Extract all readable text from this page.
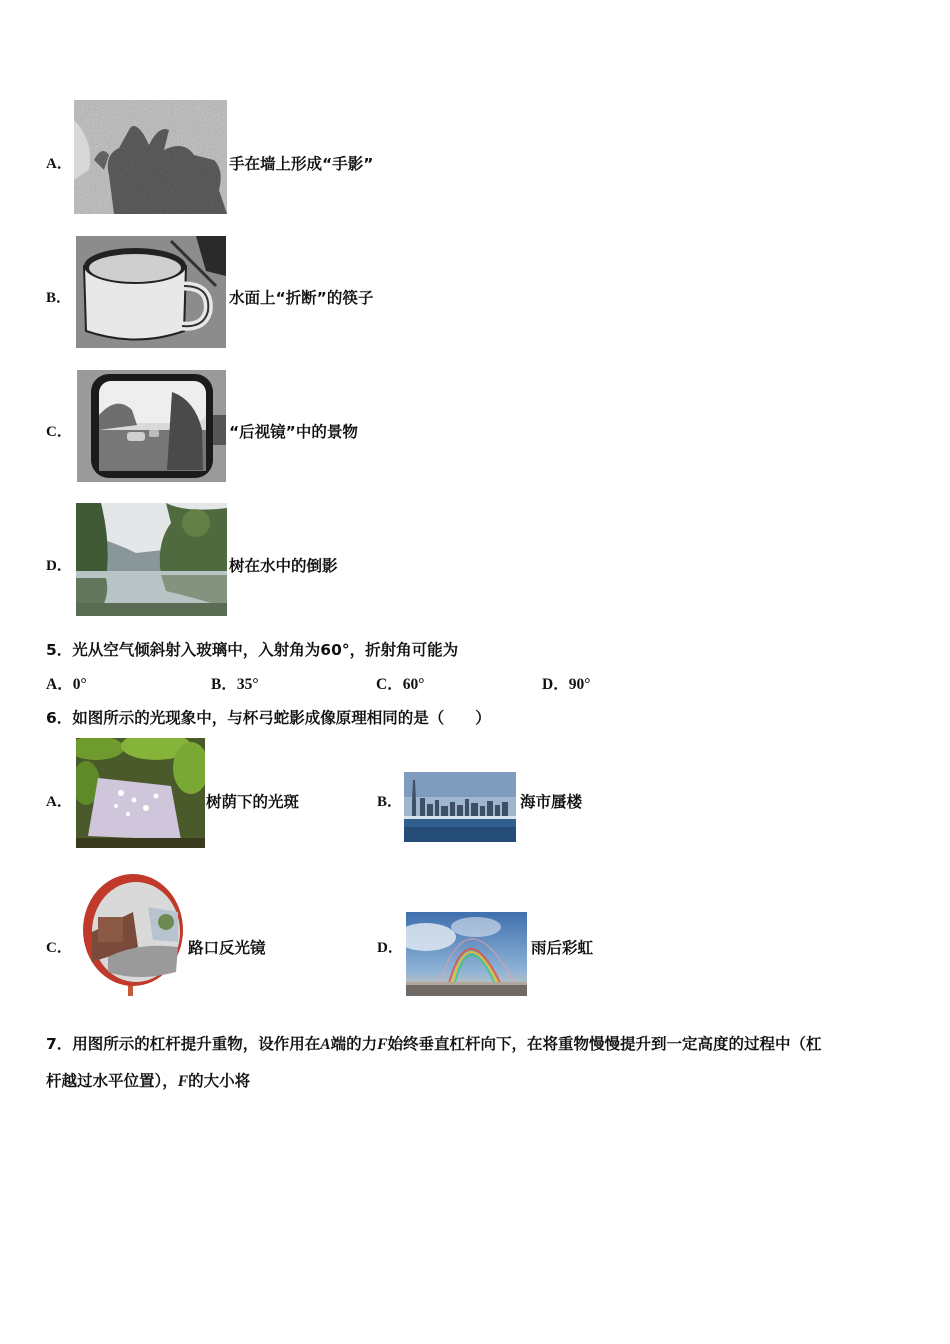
A．	手在墙上形成“手影”
B．	水面上“折断”的筷子
C．	“后视镜”中的景物
D．	树在水中的倒影
5．光从空气倾斜射入玻璃中，入射角为60°，折射角可能为
A．0°	B．35°	C．60°	D．90°
6．如图所示的光现象中，与杯弓蛇影成像原理相同的是（　　）
A．	树荫下的光斑	B．	海市蜃楼
C．	路口反光镜	D．	雨后彩虹
7．用图所示的杠杆提升重物，设作用在A端的力F始终垂直杠杆向下，在将重物慢慢提升到一定高度的过程中（杠
杆越过水平位置），F的大小将
